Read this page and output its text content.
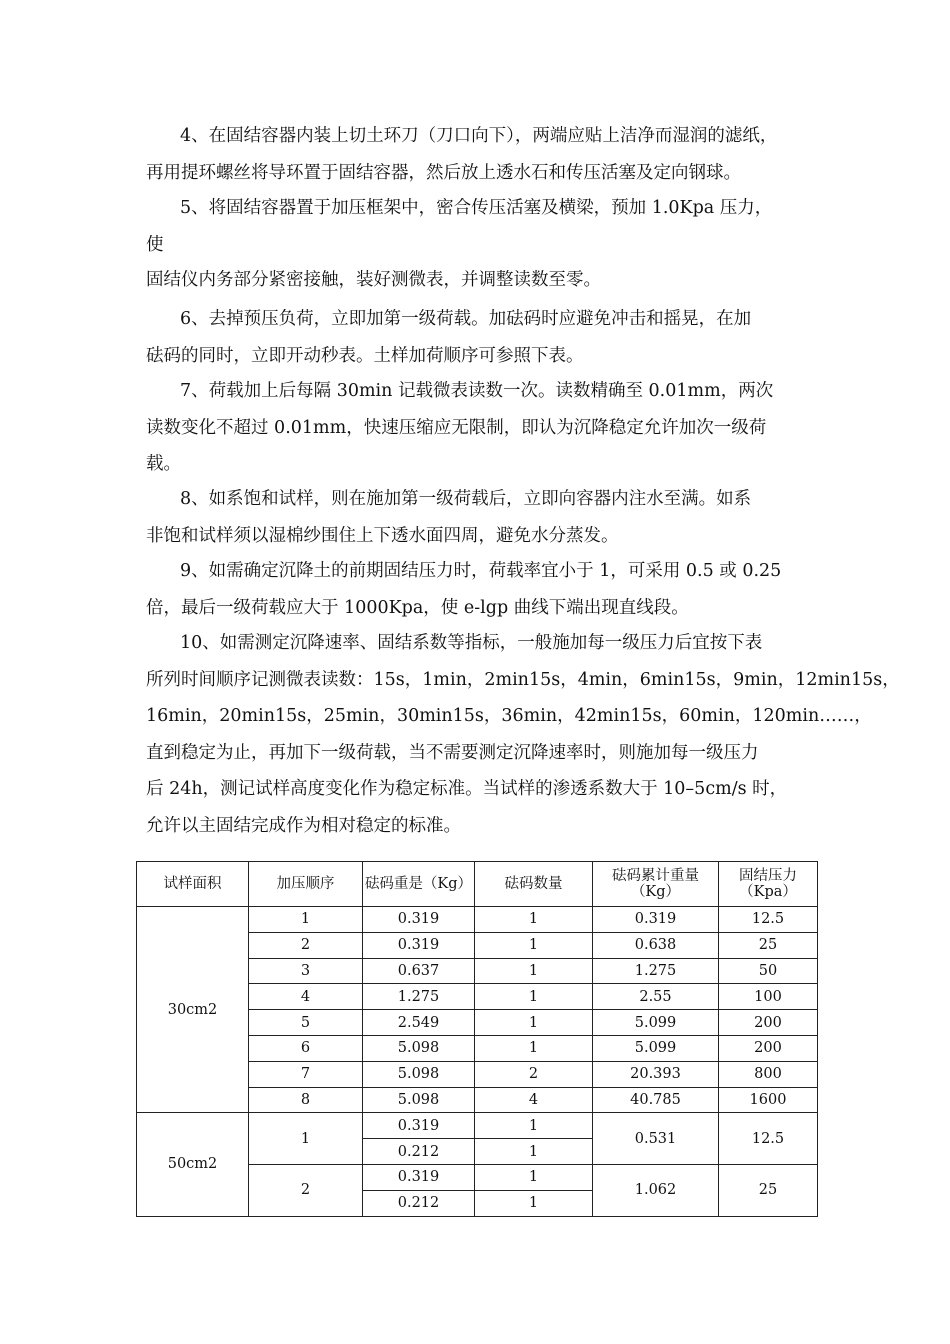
4、在固结容器内装上切土环刀（刀口向下），两端应贴上洁净而湿润的滤纸，
再用提环螺丝将导环置于固结容器，然后放上透水石和传压活塞及定向钢球。
5、将固结容器置于加压框架中，密合传压活塞及横梁，预加 1.0Kpa 压力，
使
固结仪内务部分紧密接触，装好测微表，并调整读数至零。
6、去掉预压负荷，立即加第一级荷载。加砝码时应避免冲击和摇晃，在加
砝码的同时，立即开动秒表。土样加荷顺序可参照下表。
7、荷载加上后每隔 30min 记载微表读数一次。读数精确至 0.01mm，两次
读数变化不超过 0.01mm，快速压缩应无限制，即认为沉降稳定允许加次一级荷
载。
8、如系饱和试样，则在施加第一级荷载后，立即向容器内注水至满。如系
非饱和试样须以湿棉纱围住上下透水面四周，避免水分蒸发。
9、如需确定沉降土的前期固结压力时，荷载率宜小于 1，可采用 0.5 或 0.25
倍，最后一级荷载应大于 1000Kpa，使 e-lgp 曲线下端出现直线段。
10、如需测定沉降速率、固结系数等指标，一般施加每一级压力后宜按下表
所列时间顺序记测微表读数：15s，1min，2min15s，4min，6min15s，9min，12min15s，
16min，20min15s，25min，30min15s，36min，42min15s，60min，120min……，
直到稳定为止，再加下一级荷载，当不需要测定沉降速率时，则施加每一级压力
后 24h，测记试样高度变化作为稳定标准。当试样的渗透系数大于 10–5cm/s 时，
允许以主固结完成作为相对稳定的标准。
试样面积	加压顺序	砝码重是（Kg）	砝码数量	砝码累计重量（Kg）	固结压力（Kpa）
30cm2	1	0.319	1	0.319	12.5
	2	0.319	1	0.638	25
	3	0.637	1	1.275	50
	4	1.275	1	2.55	100
	5	2.549	1	5.099	200
	6	5.098	1	5.099	200
	7	5.098	2	20.393	800
	8	5.098	4	40.785	1600
50cm2	1	0.319	1	0.531	12.5
		0.212	1		
	2	0.319	1	1.062	25
		0.212	1		
